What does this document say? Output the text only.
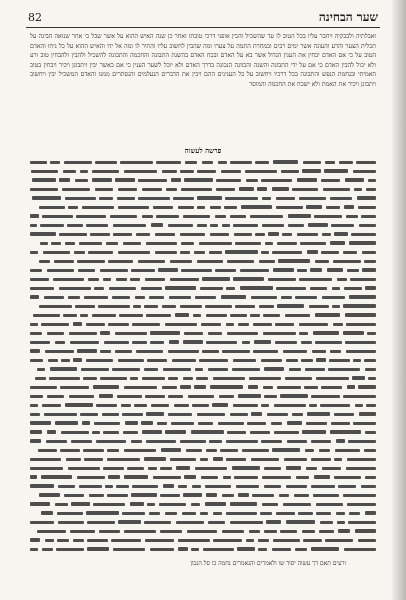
שער הבחינה
82
ואבלתיה ולבבקיה ויחבר עליו בכל הטוב לו עד שהשכיל והכין אופני דרכי טובתו ואחר כן שנה האיש ההוא על אשר שבל כי אחר שנואה הבינה על תכלית הצער והרע והעונה אשר ימים רבים ובמחרת התמה על צערו ומה שהבין לחשוב עליו והתיר לו ומה אל ידו והאיש ההוא על כל ניחו והאדם הטוב על כי אם האדם יבחין את הענין הגדול אשר בא על האדם ובכח האדם בהשגת התבונה והחכמה והתבונה להשכיל ולהבין ולהבחין טוב ורע ולא יכול להבין האדם כי אם על ידי התבונה והשגה והכוונה הנכונה בדרך האדם ולא יוכל לשער הענין כי אם כאשר יבין ויתבונן ויכיר ויבחין בטוב האמיתי ובנחמת הנפש והתבונה בכל דרכיו ויחשוב על כל הענינים ההם ויבין את הדברים הנעלמים והנסתרים ממנו והאדם המשכיל יבין ויחשוב ויתבונן ויכיר את האמת ולא ישכח את החכמה והמוסר
פרשה לעשוה
ורעים תאם דך עשוה יסוד שו ולאמרים והנאמרים נחמה כו סל הנכון
